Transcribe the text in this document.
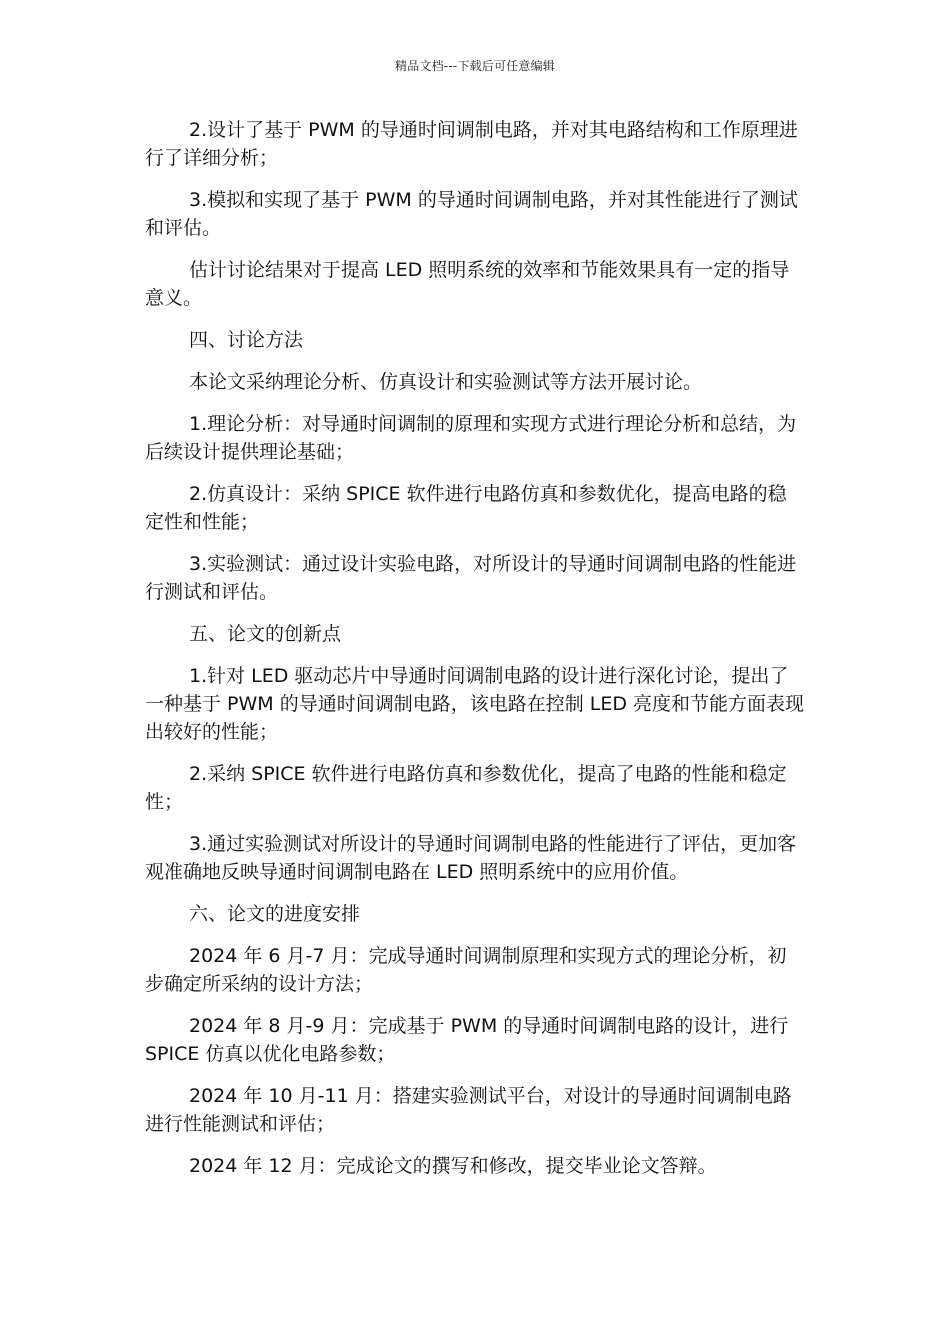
精品文档---下载后可任意编辑

2.设计了基于 PWM 的导通时间调制电路，并对其电路结构和工作原理进行了详细分析；

3.模拟和实现了基于 PWM 的导通时间调制电路，并对其性能进行了测试和评估。

估计讨论结果对于提高 LED 照明系统的效率和节能效果具有一定的指导意义。

四、讨论方法

本论文采纳理论分析、仿真设计和实验测试等方法开展讨论。

1.理论分析：对导通时间调制的原理和实现方式进行理论分析和总结，为后续设计提供理论基础；

2.仿真设计：采纳 SPICE 软件进行电路仿真和参数优化，提高电路的稳定性和性能；

3.实验测试：通过设计实验电路，对所设计的导通时间调制电路的性能进行测试和评估。

五、论文的创新点

1.针对 LED 驱动芯片中导通时间调制电路的设计进行深化讨论，提出了一种基于 PWM 的导通时间调制电路，该电路在控制 LED 亮度和节能方面表现出较好的性能；

2.采纳 SPICE 软件进行电路仿真和参数优化，提高了电路的性能和稳定性；

3.通过实验测试对所设计的导通时间调制电路的性能进行了评估，更加客观准确地反映导通时间调制电路在 LED 照明系统中的应用价值。

六、论文的进度安排

2024 年 6 月-7 月：完成导通时间调制原理和实现方式的理论分析，初步确定所采纳的设计方法；

2024 年 8 月-9 月：完成基于 PWM 的导通时间调制电路的设计，进行 SPICE 仿真以优化电路参数；

2024 年 10 月-11 月：搭建实验测试平台，对设计的导通时间调制电路进行性能测试和评估；

2024 年 12 月：完成论文的撰写和修改，提交毕业论文答辩。
